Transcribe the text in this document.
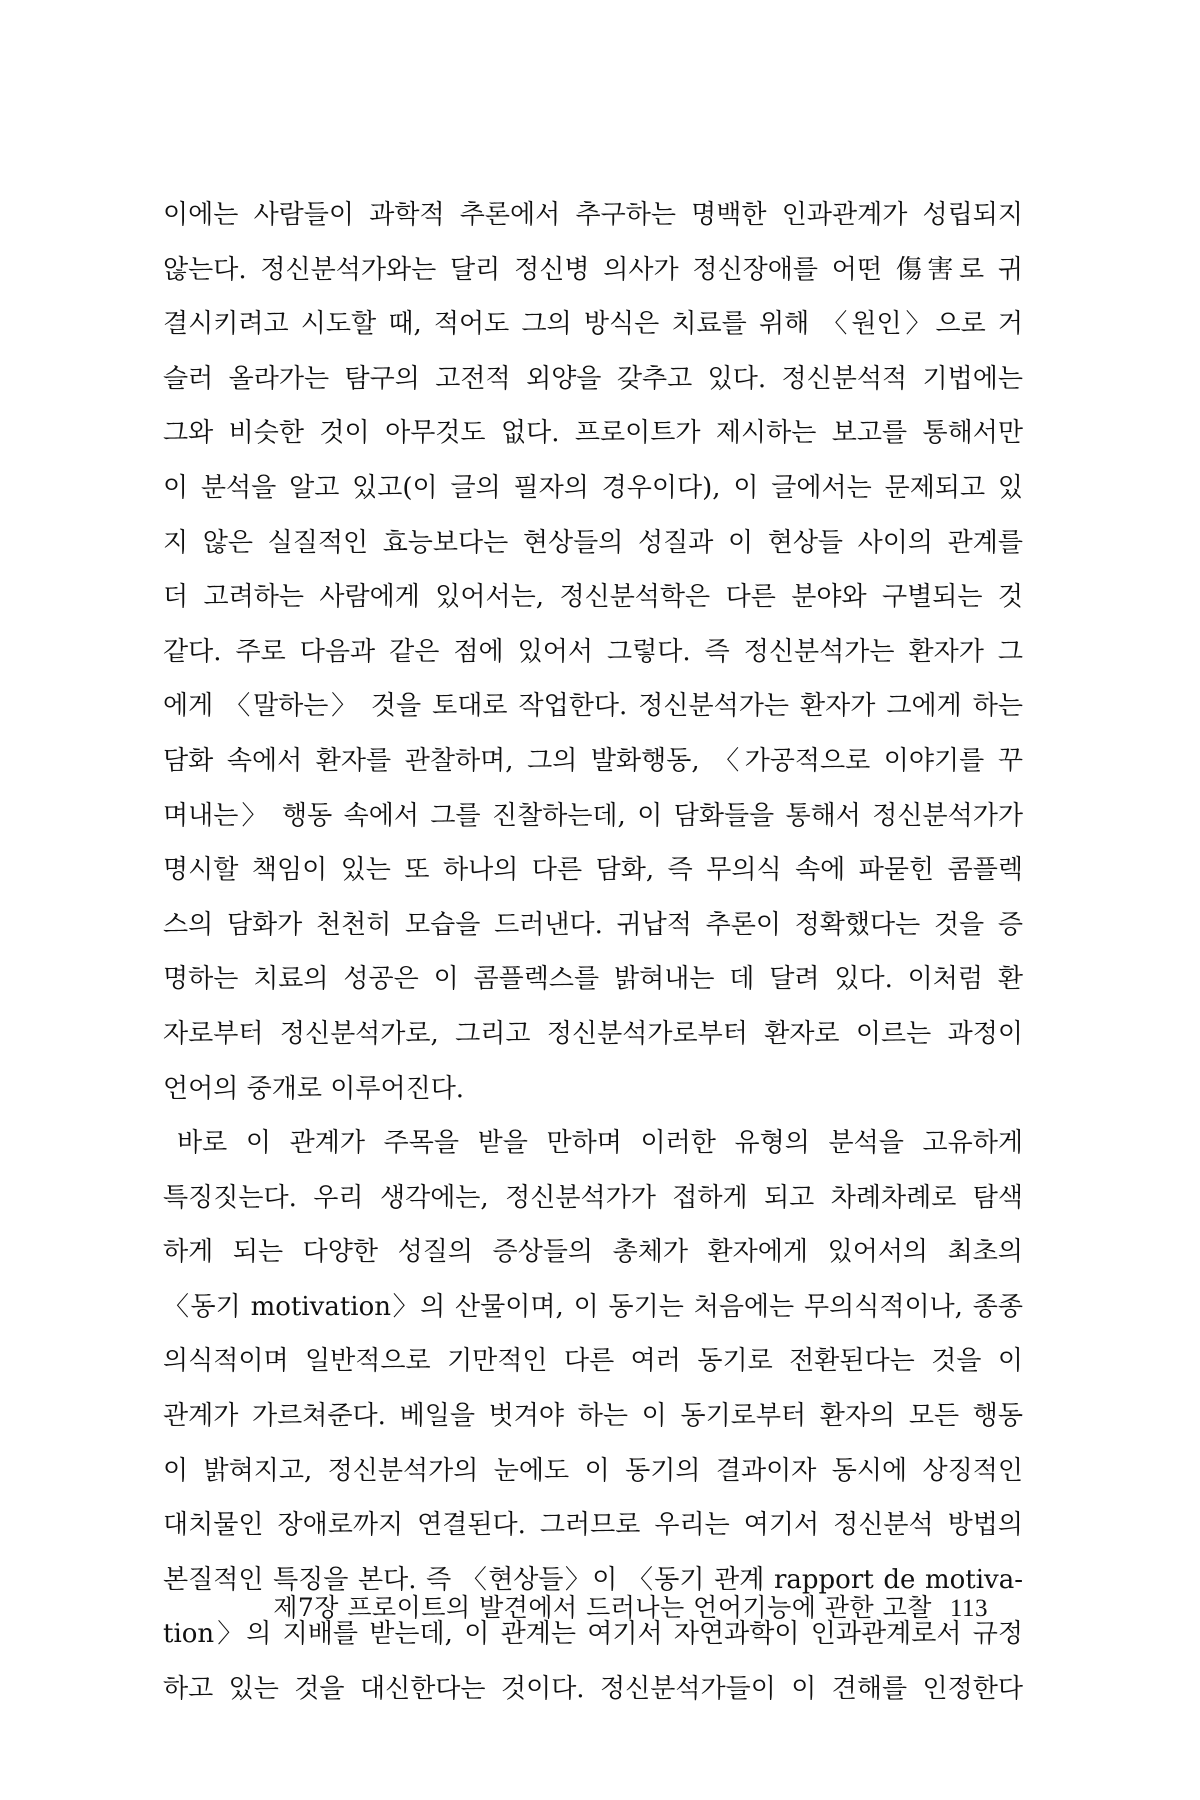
이에는 사람들이 과학적 추론에서 추구하는 명백한 인과관계가 성립되지
않는다. 정신분석가와는 달리 정신병 의사가 정신장애를 어떤 傷害로 귀
결시키려고 시도할 때, 적어도 그의 방식은 치료를 위해 〈원인〉으로 거
슬러 올라가는 탐구의 고전적 외양을 갖추고 있다. 정신분석적 기법에는
그와 비슷한 것이 아무것도 없다. 프로이트가 제시하는 보고를 통해서만
이 분석을 알고 있고(이 글의 필자의 경우이다), 이 글에서는 문제되고 있
지 않은 실질적인 효능보다는 현상들의 성질과 이 현상들 사이의 관계를
더 고려하는 사람에게 있어서는, 정신분석학은 다른 분야와 구별되는 것
같다. 주로 다음과 같은 점에 있어서 그렇다. 즉 정신분석가는 환자가 그
에게 〈말하는〉 것을 토대로 작업한다. 정신분석가는 환자가 그에게 하는
담화 속에서 환자를 관찰하며, 그의 발화행동, 〈가공적으로 이야기를 꾸
며내는〉 행동 속에서 그를 진찰하는데, 이 담화들을 통해서 정신분석가가
명시할 책임이 있는 또 하나의 다른 담화, 즉 무의식 속에 파묻힌 콤플렉
스의 담화가 천천히 모습을 드러낸다. 귀납적 추론이 정확했다는 것을 증
명하는 치료의 성공은 이 콤플렉스를 밝혀내는 데 달려 있다. 이처럼 환
자로부터 정신분석가로, 그리고 정신분석가로부터 환자로 이르는 과정이
언어의 중개로 이루어진다.
바로 이 관계가 주목을 받을 만하며 이러한 유형의 분석을 고유하게
특징짓는다. 우리 생각에는, 정신분석가가 접하게 되고 차례차례로 탐색
하게 되는 다양한 성질의 증상들의 총체가 환자에게 있어서의 최초의
〈동기 motivation〉의 산물이며, 이 동기는 처음에는 무의식적이나, 종종
의식적이며 일반적으로 기만적인 다른 여러 동기로 전환된다는 것을 이
관계가 가르쳐준다. 베일을 벗겨야 하는 이 동기로부터 환자의 모든 행동
이 밝혀지고, 정신분석가의 눈에도 이 동기의 결과이자 동시에 상징적인
대치물인 장애로까지 연결된다. 그러므로 우리는 여기서 정신분석 방법의
본질적인 특징을 본다. 즉 〈현상들〉이 〈동기 관계 rapport de motiva-
tion〉의 지배를 받는데, 이 관계는 여기서 자연과학이 인과관계로서 규정
하고 있는 것을 대신한다는 것이다. 정신분석가들이 이 견해를 인정한다
제7장 프로이트의 발견에서 드러나는 언어기능에 관한 고찰 113
